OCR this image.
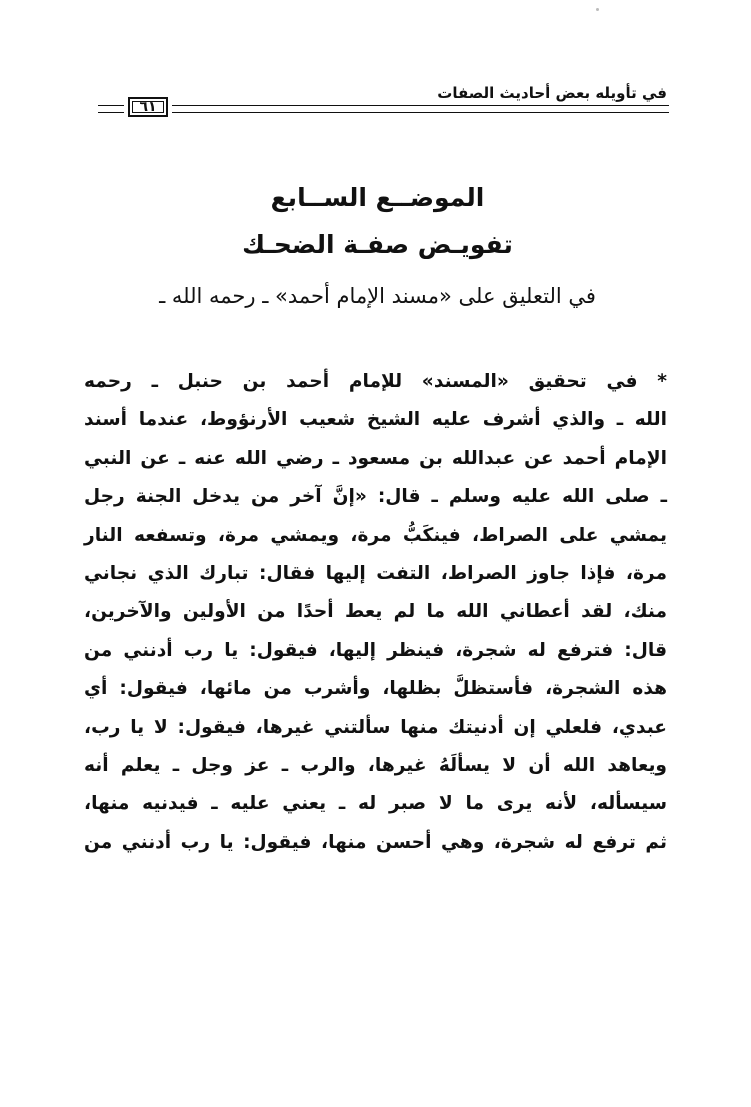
في تأويله بعض أحاديث الصفات
٦١
الموضــع الســابع
تفويـض صفـة الضحـك
في التعليق على «مسند الإمام أحمد» ـ رحمه الله ـ
* في تحقيق «المسند» للإمام أحمد بن حنبل ـ رحمه
الله ـ والذي أشرف عليه الشيخ شعيب الأرنؤوط، عندما أسند
الإمام أحمد عن عبدالله بن مسعود ـ رضي الله عنه ـ عن النبي
ـ صلى الله عليه وسلم ـ قال: «إنَّ آخر من يدخل الجنة رجل
يمشي على الصراط، فينكَبُّ مرة، ويمشي مرة، وتسفعه النار
مرة، فإذا جاوز الصراط، التفت إليها فقال: تبارك الذي نجاني
منك، لقد أعطاني الله ما لم يعط أحدًا من الأولين والآخرين،
قال: فترفع له شجرة، فينظر إليها، فيقول: يا رب أدنني من
هذه الشجرة، فأستظلَّ بظلها، وأشرب من مائها، فيقول: أي
عبدي، فلعلي إن أدنيتك منها سألتني غيرها، فيقول: لا يا رب،
ويعاهد الله أن لا يسألَهُ غيرها، والرب ـ عز وجل ـ يعلم أنه
سيسأله، لأنه يرى ما لا صبر له ـ يعني عليه ـ فيدنيه منها،
ثم ترفع له شجرة، وهي أحسن منها، فيقول: يا رب أدنني من
